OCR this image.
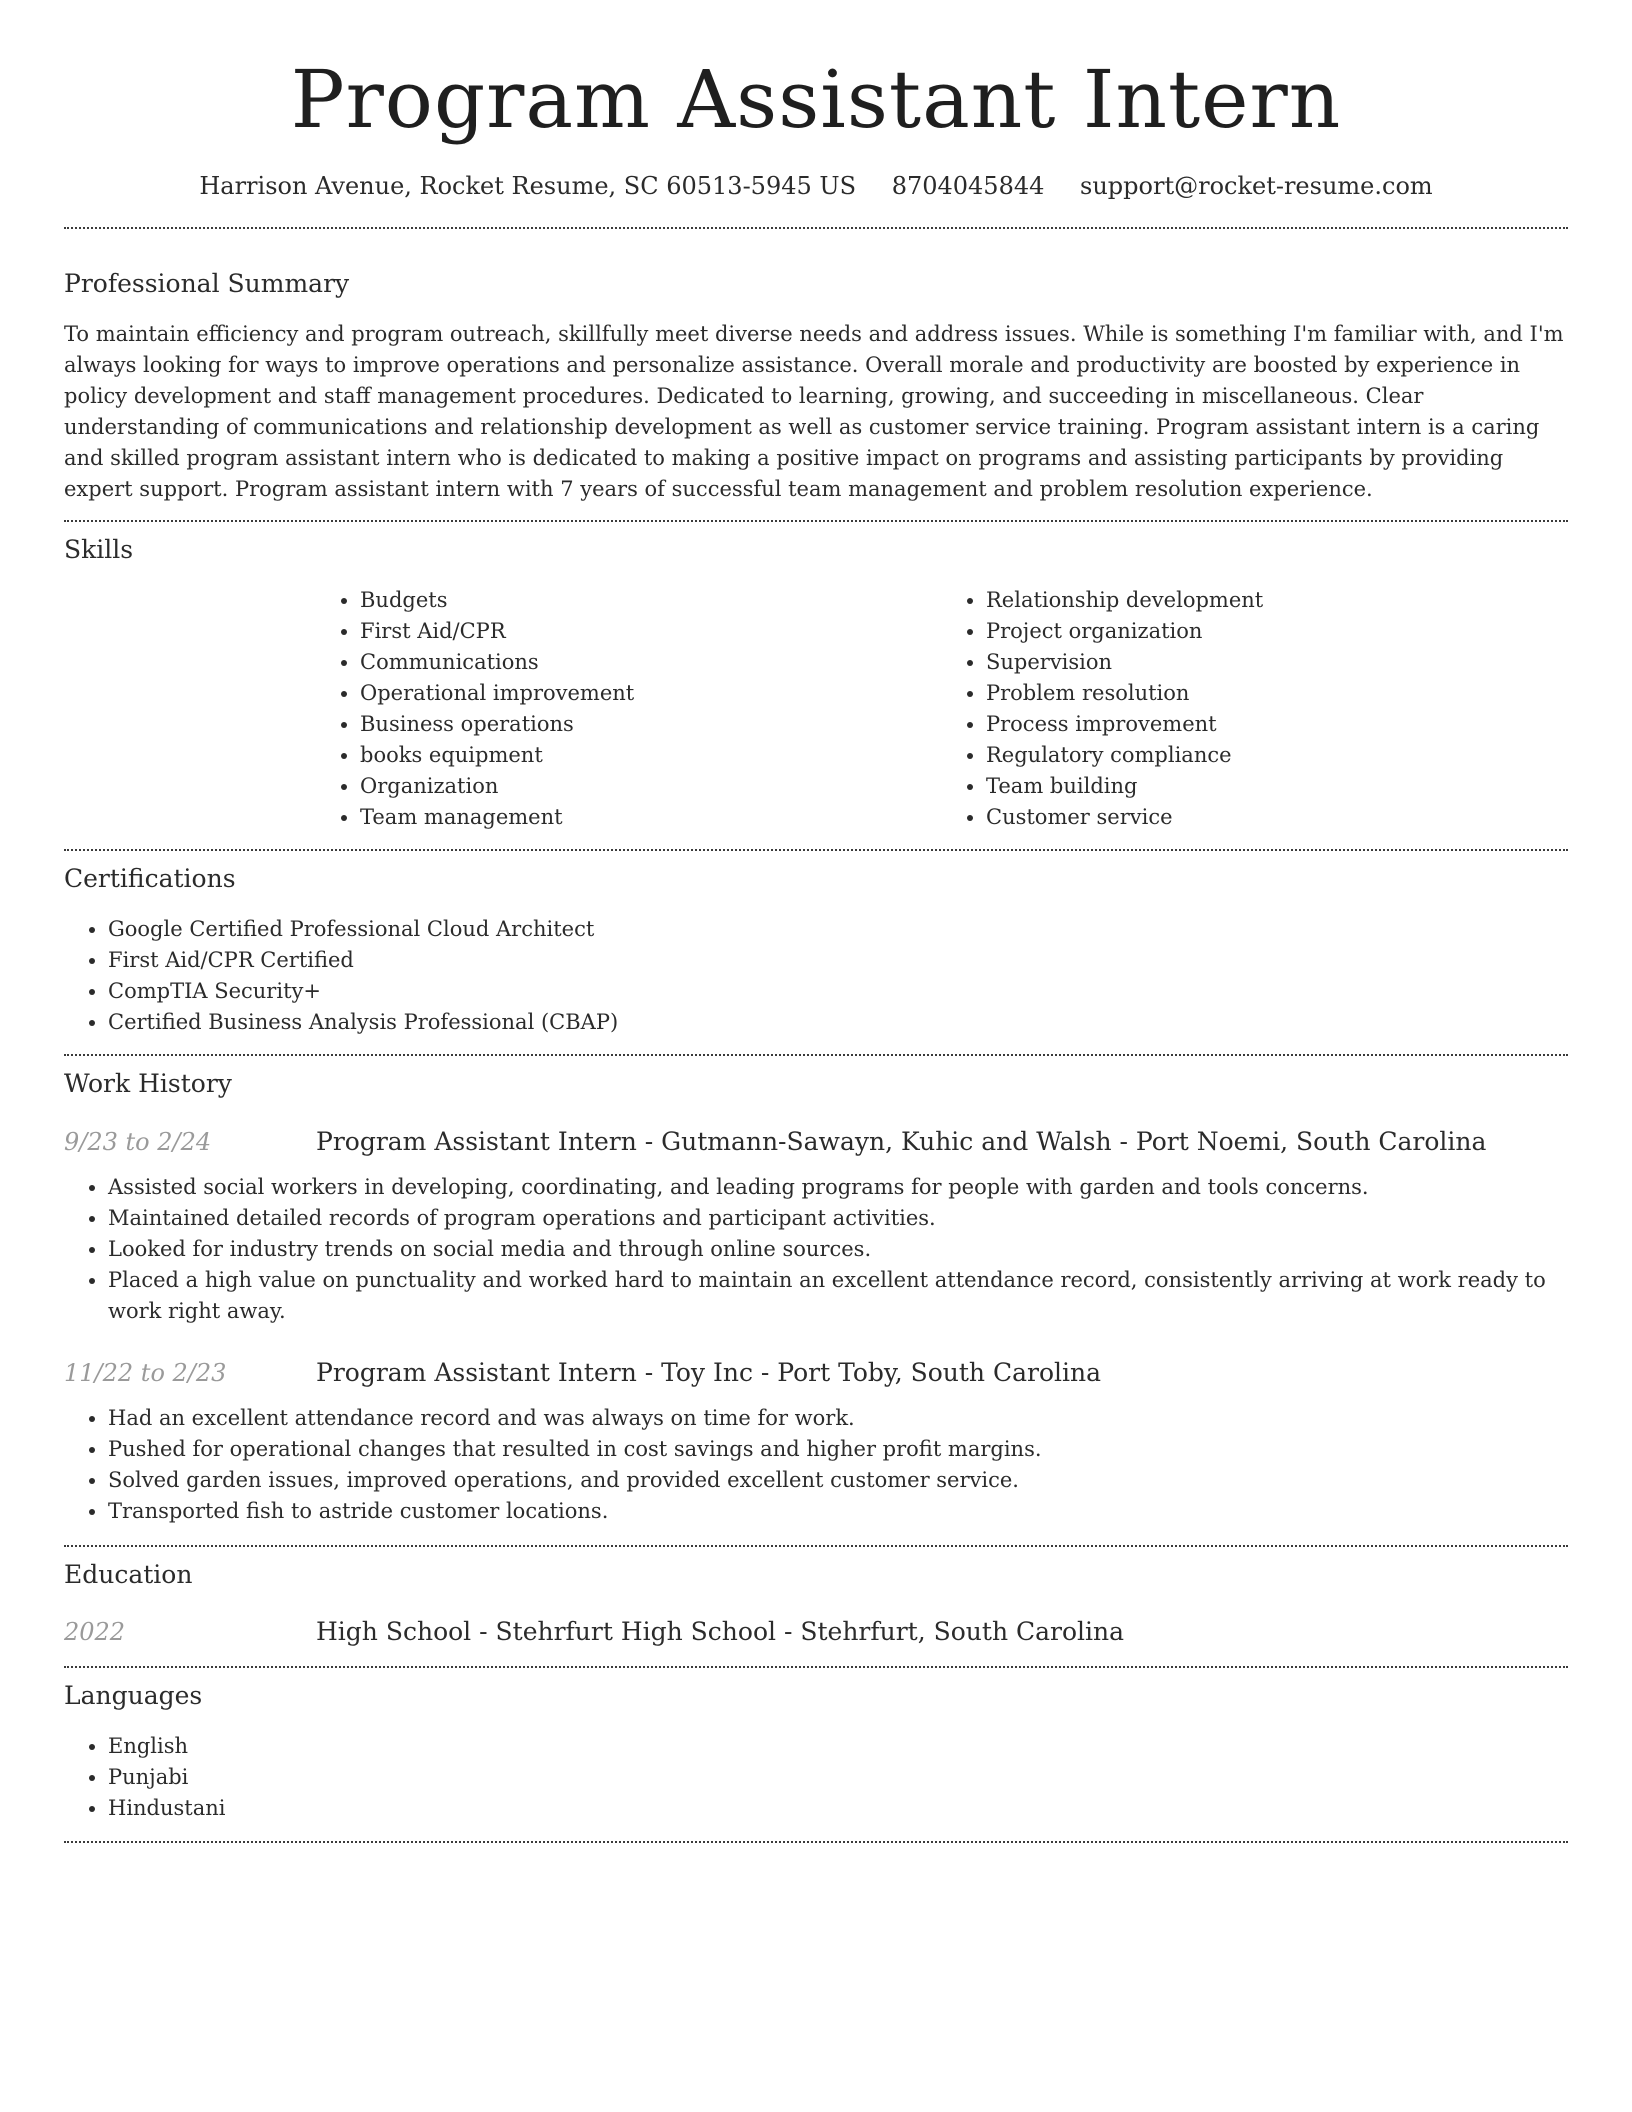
Program Assistant Intern
Harrison Avenue, Rocket Resume, SC 60513-5945 US 8704045844 support@rocket-resume.com
Professional Summary

To maintain efficiency and program outreach, skillfully meet diverse needs and address issues. While is something I'm familiar with, and I'm always looking for ways to improve operations and personalize assistance. Overall morale and productivity are boosted by experience in policy development and staff management procedures. Dedicated to learning, growing, and succeeding in miscellaneous. Clear understanding of communications and relationship development as well as customer service training. Program assistant intern is a caring and skilled program assistant intern who is dedicated to making a positive impact on programs and assisting participants by providing expert support. Program assistant intern with 7 years of successful team management and problem resolution experience.

Skills
• Budgets
• First Aid/CPR
• Communications
• Operational improvement
• Business operations
• books equipment
• Organization
• Team management
• Relationship development
• Project organization
• Supervision
• Problem resolution
• Process improvement
• Regulatory compliance
• Team building
• Customer service
Certifications
• Google Certified Professional Cloud Architect
• First Aid/CPR Certified
• CompTIA Security+
• Certified Business Analysis Professional (CBAP)
Work History
9/23 to 2/24	Program Assistant Intern - Gutmann-Sawayn, Kuhic and Walsh - Port Noemi, South Carolina
• Assisted social workers in developing, coordinating, and leading programs for people with garden and tools concerns.
• Maintained detailed records of program operations and participant activities.
• Looked for industry trends on social media and through online sources.
• Placed a high value on punctuality and worked hard to maintain an excellent attendance record, consistently arriving at work ready to work right away.
11/22 to 2/23	Program Assistant Intern - Toy Inc - Port Toby, South Carolina
• Had an excellent attendance record and was always on time for work.
• Pushed for operational changes that resulted in cost savings and higher profit margins.
• Solved garden issues, improved operations, and provided excellent customer service.
• Transported fish to astride customer locations.
Education
2022	High School - Stehrfurt High School - Stehrfurt, South Carolina
Languages
• English
• Punjabi
• Hindustani
